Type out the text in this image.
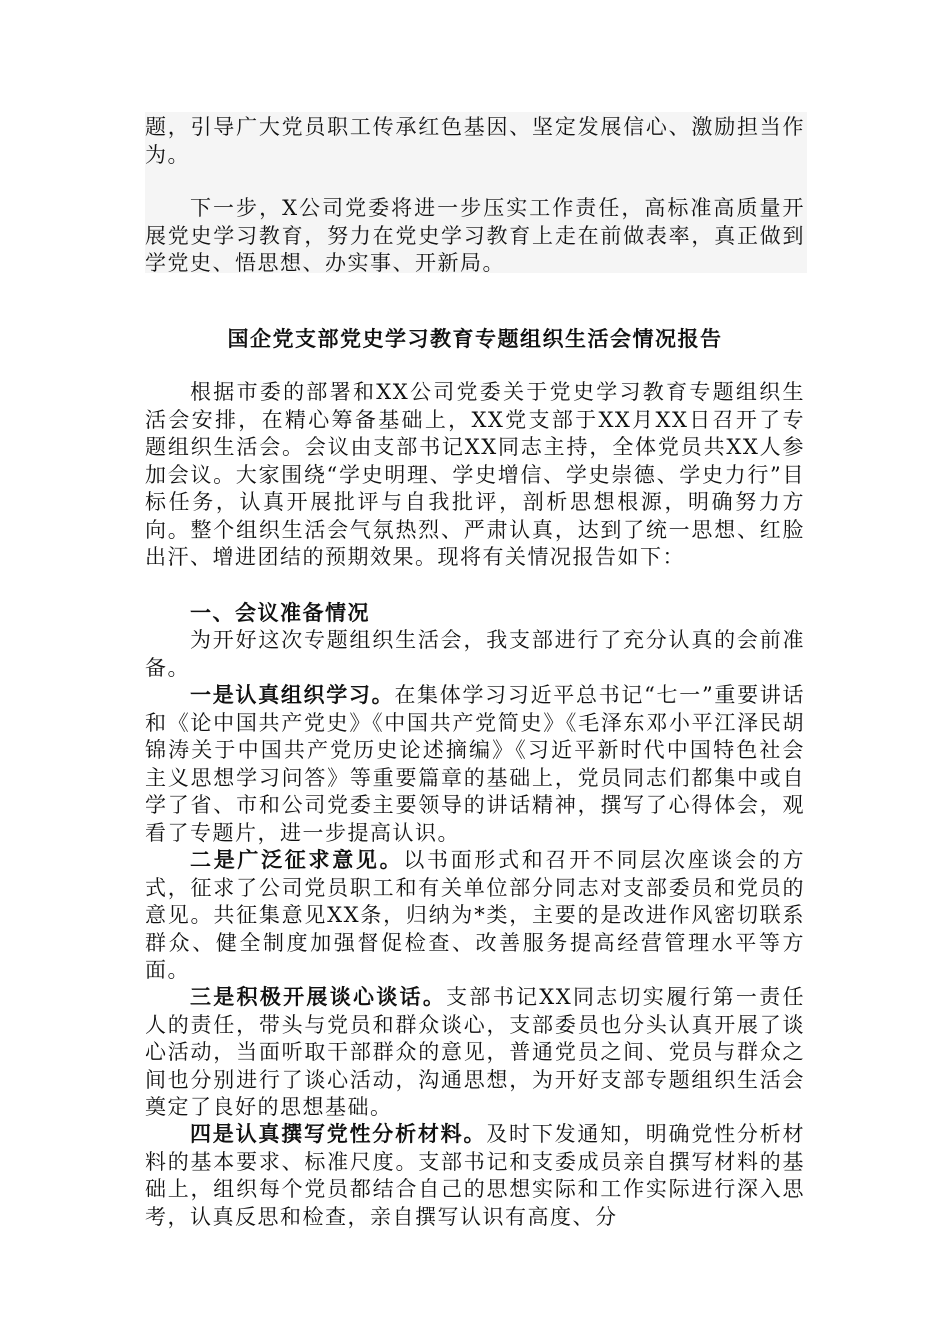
题，引导广大党员职工传承红色基因、坚定发展信心、激励担当作为。

下一步，X公司党委将进一步压实工作责任，高标准高质量开展党史学习教育，努力在党史学习教育上走在前做表率，真正做到学党史、悟思想、办实事、开新局。

国企党支部党史学习教育专题组织生活会情况报告

根据市委的部署和XX公司党委关于党史学习教育专题组织生活会安排，在精心筹备基础上，XX党支部于XX月XX日召开了专题组织生活会。会议由支部书记XX同志主持，全体党员共XX人参加会议。大家围绕“学史明理、学史增信、学史崇德、学史力行”目标任务，认真开展批评与自我批评，剖析思想根源，明确努力方向。整个组织生活会气氛热烈、严肃认真，达到了统一思想、红脸出汗、增进团结的预期效果。现将有关情况报告如下：

一、会议准备情况

为开好这次专题组织生活会，我支部进行了充分认真的会前准备。

一是认真组织学习。在集体学习习近平总书记“七一”重要讲话和《论中国共产党史》《中国共产党简史》《毛泽东邓小平江泽民胡锦涛关于中国共产党历史论述摘编》《习近平新时代中国特色社会主义思想学习问答》等重要篇章的基础上，党员同志们都集中或自学了省、市和公司党委主要领导的讲话精神，撰写了心得体会，观看了专题片，进一步提高认识。

二是广泛征求意见。以书面形式和召开不同层次座谈会的方式，征求了公司党员职工和有关单位部分同志对支部委员和党员的意见。共征集意见XX条，归纳为*类，主要的是改进作风密切联系群众、健全制度加强督促检查、改善服务提高经营管理水平等方面。

三是积极开展谈心谈话。支部书记XX同志切实履行第一责任人的责任，带头与党员和群众谈心，支部委员也分头认真开展了谈心活动，当面听取干部群众的意见，普通党员之间、党员与群众之间也分别进行了谈心活动，沟通思想，为开好支部专题组织生活会奠定了良好的思想基础。

四是认真撰写党性分析材料。及时下发通知，明确党性分析材料的基本要求、标准尺度。支部书记和支委成员亲自撰写材料的基础上，组织每个党员都结合自己的思想实际和工作实际进行深入思考，认真反思和检查，亲自撰写认识有高度、分
